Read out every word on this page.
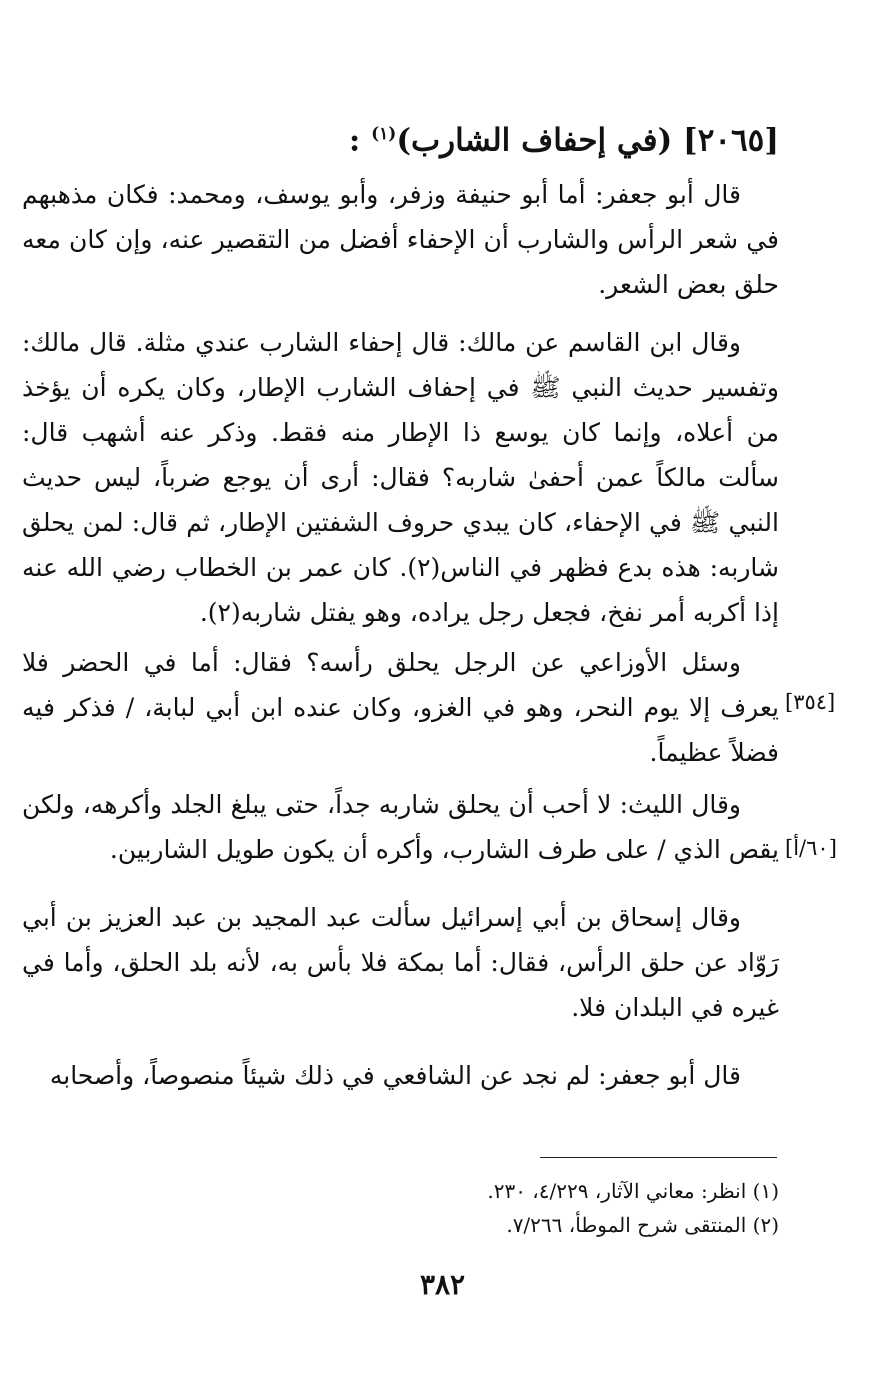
[٢٠٦٥] (في إحفاف الشارب)$^{(١)}$ :

قال أبو جعفر: أما أبو حنيفة وزفر، وأبو يوسف، ومحمد: فكان مذهبهم في شعر الرأس والشارب أن الإحفاء أفضل من التقصير عنه، وإن كان معه حلق بعض الشعر.

وقال ابن القاسم عن مالك: قال إحفاء الشارب عندي مثلة. قال مالك: وتفسير حديث النبي ﷺ في إحفاف الشارب الإطار، وكان يكره أن يؤخذ من أعلاه، وإنما كان يوسع ذا الإطار منه فقط. وذكر عنه أشهب قال: سألت مالكاً عمن أحفىٰ شاربه؟ فقال: أرى أن يوجع ضرباً، ليس حديث النبي ﷺ في الإحفاء، كان يبدي حروف الشفتين الإطار، ثم قال: لمن يحلق شاربه: هذه بدع فظهر في الناس(٢). كان عمر بن الخطاب رضي الله عنه إذا أكربه أمر نفخ، فجعل رجل يراده، وهو يفتل شاربه(٢).

وسئل الأوزاعي عن الرجل يحلق رأسه؟ فقال: أما في الحضر فلا يعرف إلا يوم النحر، وهو في الغزو، وكان عنده ابن أبي لبابة، / فذكر فيه فضلاً عظيماً.

وقال الليث: لا أحب أن يحلق شاربه جداً، حتى يبلغ الجلد وأكرهه، ولكن يقص الذي / على طرف الشارب، وأكره أن يكون طويل الشاربين.

وقال إسحاق بن أبي إسرائيل سألت عبد المجيد بن عبد العزيز بن أبي رَوّاد عن حلق الرأس، فقال: أما بمكة فلا بأس به، لأنه بلد الحلق، وأما في غيره في البلدان فلا.

قال أبو جعفر: لم نجد عن الشافعي في ذلك شيئاً منصوصاً، وأصحابه

[٣٥٤]
[٦٠/أ]
(١) انظر: معاني الآثار، ٤/٢٢٩، ٢٣٠.
(٢) المنتقى شرح الموطأ، ٧/٢٦٦.
٣٨٢
